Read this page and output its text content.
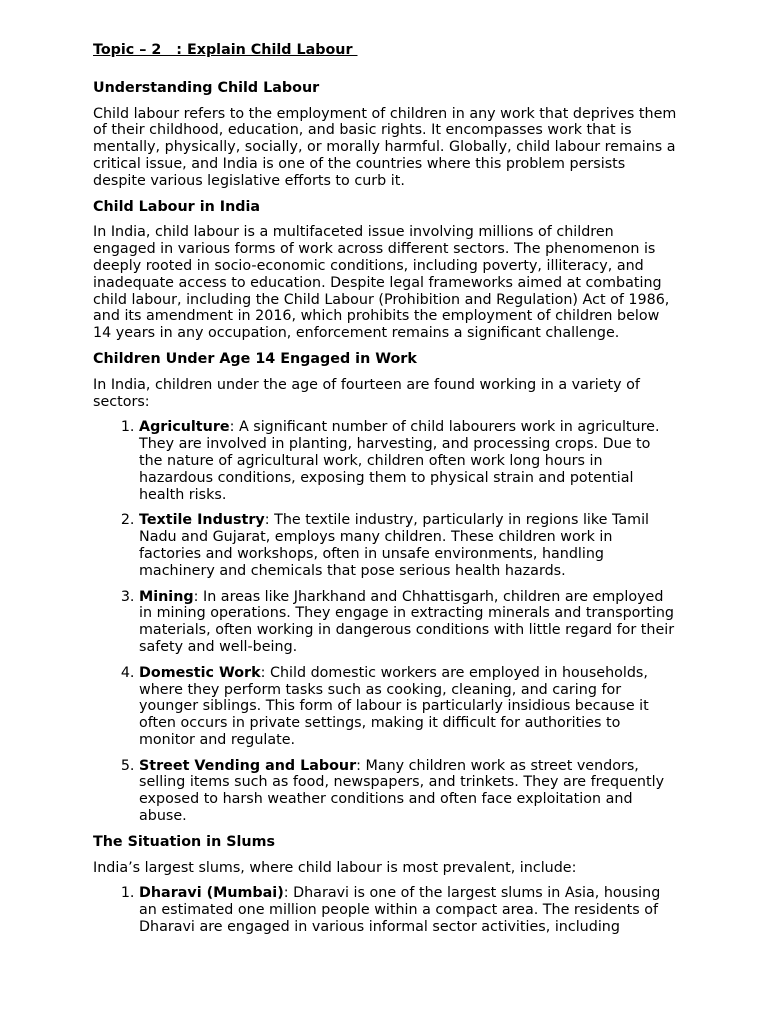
Topic – 2   : Explain Child Labour
Understanding Child Labour

Child labour refers to the employment of children in any work that deprives them of their childhood, education, and basic rights. It encompasses work that is mentally, physically, socially, or morally harmful. Globally, child labour remains a critical issue, and India is one of the countries where this problem persists despite various legislative efforts to curb it.

Child Labour in India

In India, child labour is a multifaceted issue involving millions of children engaged in various forms of work across different sectors. The phenomenon is deeply rooted in socio-economic conditions, including poverty, illiteracy, and inadequate access to education. Despite legal frameworks aimed at combating child labour, including the Child Labour (Prohibition and Regulation) Act of 1986, and its amendment in 2016, which prohibits the employment of children below 14 years in any occupation, enforcement remains a significant challenge.

Children Under Age 14 Engaged in Work

In India, children under the age of fourteen are found working in a variety of sectors:

1. Agriculture: A significant number of child labourers work in agriculture. They are involved in planting, harvesting, and processing crops. Due to the nature of agricultural work, children often work long hours in hazardous conditions, exposing them to physical strain and potential health risks.
2. Textile Industry: The textile industry, particularly in regions like Tamil Nadu and Gujarat, employs many children. These children work in factories and workshops, often in unsafe environments, handling machinery and chemicals that pose serious health hazards.
3. Mining: In areas like Jharkhand and Chhattisgarh, children are employed in mining operations. They engage in extracting minerals and transporting materials, often working in dangerous conditions with little regard for their safety and well-being.
4. Domestic Work: Child domestic workers are employed in households, where they perform tasks such as cooking, cleaning, and caring for younger siblings. This form of labour is particularly insidious because it often occurs in private settings, making it difficult for authorities to monitor and regulate.
5. Street Vending and Labour: Many children work as street vendors, selling items such as food, newspapers, and trinkets. They are frequently exposed to harsh weather conditions and often face exploitation and abuse.
The Situation in Slums

India’s largest slums, where child labour is most prevalent, include:

1. Dharavi (Mumbai): Dharavi is one of the largest slums in Asia, housing an estimated one million people within a compact area. The residents of Dharavi are engaged in various informal sector activities, including
